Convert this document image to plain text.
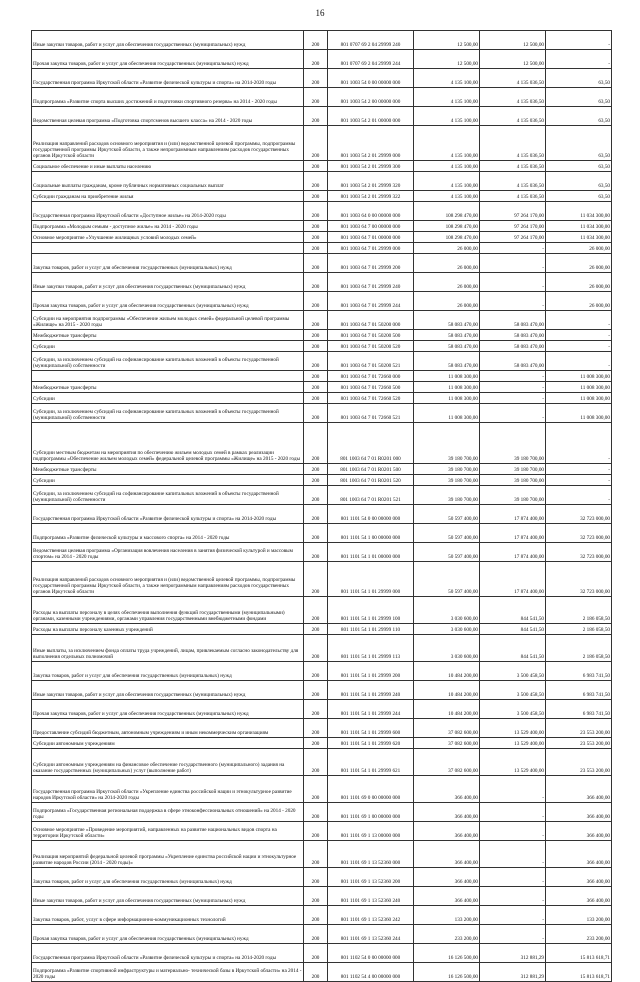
16
Иные закупки товаров, работ и услуг для обеспечения государственных (муниципальных) нужд	200	801 0707 69 2 04 29999 240	12 500,00	12 500,00	-
Прочая закупка товаров, работ и услуг для обеспечения государственных (муниципальных) нужд	200	801 0707 69 2 04 29999 244	12 500,00	12 500,00	-
Государственная программа Иркутской области «Развитие физической культуры и спорта» на 2014-2020 годы	200	801 1003 54 0 00 00000 000	4 135 100,00	4 135 036,50	63,50
Подпрограмма «Развитие спорта высших достижений и подготовки спортивного резерва» на 2014 - 2020 годы	200	801 1003 54 2 00 00000 000	4 135 100,00	4 135 036,50	63,50
Ведомственная целевая программа «Подготовка спортсменов высшего класса» на 2014 - 2020 годы	200	801 1003 54 2 01 00000 000	4 135 100,00	4 135 036,50	63,50
Реализация направлений расходов основного мероприятия и (или) ведомственной целевой программы, подпрограммы государственной программы Иркутской области, а также непрограммным направлениям расходов государственных органов Иркутской области	200	801 1003 54 2 01 29999 000	4 135 100,00	4 135 036,50	63,50
Социальное обеспечение и иные выплаты населению	200	801 1003 54 2 01 29999 300	4 135 100,00	4 135 036,50	63,50
Социальные выплаты гражданам, кроме публичных нормативных социальных выплат	200	801 1003 54 2 01 29999 320	4 135 100,00	4 135 036,50	63,50
Субсидии гражданам на приобретение жилья	200	801 1003 54 2 01 29999 322	4 135 100,00	4 135 036,50	63,50
Государственная программа Иркутской области «Доступное жилье» на 2014-2020 годы	200	801 1003 64 0 00 00000 000	108 298 470,00	97 264 170,00	11 034 300,00
Подпрограмма «Молодым семьям - доступное жилье» на 2014 - 2020 годы	200	801 1003 64 7 00 00000 000	108 298 470,00	97 264 170,00	11 034 300,00
Основное мероприятие «Улучшение жилищных условий молодых семей»	200	801 1003 64 7 01 00000 000	108 298 470,00	97 264 170,00	11 034 300,00
	200	801 1003 64 7 01 29999 000	26 000,00	-	26 000,00
Закупка товаров, работ и услуг для обеспечения государственных (муниципальных) нужд	200	801 1003 64 7 01 29999 200	26 000,00	-	26 000,00
Иные закупки товаров, работ и услуг для обеспечения государственных (муниципальных) нужд	200	801 1003 64 7 01 29999 240	26 000,00	-	26 000,00
Прочая закупка товаров, работ и услуг для обеспечения государственных (муниципальных) нужд	200	801 1003 64 7 01 29999 244	26 000,00	-	26 000,00
Субсидии на мероприятия подпрограммы «Обеспечение жильем молодых семей» федеральной целевой программы «Жилище» на 2015 - 2020 годы	200	801 1003 64 7 01 50200 000	58 083 470,00	58 083 470,00	-
Межбюджетные трансферты	200	801 1003 64 7 01 50200 500	58 083 470,00	58 083 470,00	-
Субсидии	200	801 1003 64 7 01 50200 520	58 083 470,00	58 083 470,00	-
Субсидии, за исключением субсидий на софинансирование капитальных вложений в объекты государственной (муниципальной) собственности	200	801 1003 64 7 01 50200 521	58 083 470,00	58 083 470,00	-
	200	801 1003 64 7 01 72660 000	11 008 300,00	-	11 008 300,00
Межбюджетные трансферты	200	801 1003 64 7 01 72660 500	11 008 300,00	-	11 008 300,00
Субсидии	200	801 1003 64 7 01 72660 520	11 008 300,00	-	11 008 300,00
Субсидии, за исключением субсидий на софинансирование капитальных вложений в объекты государственной (муниципальной) собственности	200	801 1003 64 7 01 72660 521	11 008 300,00	-	11 008 300,00
Субсидии местным бюджетам на мероприятия по обеспечению жильем молодых семей в рамках реализации подпрограммы «Обеспечение жильем молодых семей» федеральной целевой программы «Жилище» на 2015 - 2020 годы	200	801 1003 64 7 01 R0201 000	39 180 700,00	39 180 700,00	-
Межбюджетные трансферты	200	801 1003 64 7 01 R0201 500	39 180 700,00	39 180 700,00	-
Субсидии	200	801 1003 64 7 01 R0201 520	39 180 700,00	39 180 700,00	-
Субсидии, за исключением субсидий на софинансирование капитальных вложений в объекты государственной (муниципальной) собственности	200	801 1003 64 7 01 R0201 521	39 180 700,00	39 180 700,00	-
Государственная программа Иркутской области «Развитие физической культуры и спорта» на 2014-2020 годы	200	801 1101 54 0 00 00000 000	50 597 400,00	17 874 400,00	32 723 000,00
Подпрограмма «Развитие физической культуры и массового спорта» на 2014 - 2020 годы	200	801 1101 54 1 00 00000 000	50 597 400,00	17 874 400,00	32 723 000,00
Ведомственная целевая программа «Организация вовлечения населения в занятия физической культурой и массовым спортом» на 2014 - 2020 годы	200	801 1101 54 1 01 00000 000	50 597 400,00	17 874 400,00	32 723 000,00
Реализация направлений расходов основного мероприятия и (или) ведомственной целевой программы, подпрограммы государственной программы Иркутской области, а также непрограммным направлениям расходов государственных органов Иркутской области	200	801 1101 54 1 01 29999 000	50 597 400,00	17 874 400,00	32 723 000,00
Расходы на выплаты персоналу в целях обеспечения выполнения функций государственными (муниципальными) органами, казенными учреждениями, органами управления государственными внебюджетными фондами	200	801 1101 54 1 01 29999 100	3 030 600,00	844 541,50	2 186 058,50
Расходы на выплаты персоналу казенных учреждений	200	801 1101 54 1 01 29999 110	3 030 600,00	844 541,50	2 186 058,50
Иные выплаты, за исключением фонда оплаты труда учреждений, лицам, привлекаемым согласно законодательству для выполнения отдельных полномочий	200	801 1101 54 1 01 29999 113	3 030 600,00	844 541,50	2 186 058,50
Закупка товаров, работ и услуг для обеспечения государственных (муниципальных) нужд	200	801 1101 54 1 01 29999 200	10 484 200,00	3 500 458,50	6 983 741,50
Иные закупки товаров, работ и услуг для обеспечения государственных (муниципальных) нужд	200	801 1101 54 1 01 29999 240	10 484 200,00	3 500 458,50	6 983 741,50
Прочая закупка товаров, работ и услуг для обеспечения государственных (муниципальных) нужд	200	801 1101 54 1 01 29999 244	10 484 200,00	3 500 458,50	6 983 741,50
Предоставление субсидий бюджетным, автономным учреждениям и иным некоммерческим организациям	200	801 1101 54 1 01 29999 600	37 082 600,00	13 529 400,00	23 553 200,00
Субсидии автономным учреждениям	200	801 1101 54 1 01 29999 620	37 082 600,00	13 529 400,00	23 553 200,00
Субсидии автономным учреждениям на финансовое обеспечение государственного (муниципального) задания на оказание государственных (муниципальных) услуг (выполнение работ)	200	801 1101 54 1 01 29999 621	37 082 600,00	13 529 400,00	23 553 200,00
Государственная программа Иркутской области «Укрепление единства российской нации и этнокультурное развитие народов Иркутской области» на 2014-2020 годы	200	801 1101 69 0 00 00000 000	366 400,00	-	366 400,00
Подпрограмма «Государственная региональная поддержка в сфере этноконфессиональных отношений» на 2014 - 2020 годы	200	801 1101 69 1 00 00000 000	366 400,00	-	366 400,00
Основное мероприятие «Проведение мероприятий, направленных на развитие национальных видов спорта на территории Иркутской области»	200	801 1101 69 1 13 00000 000	366 400,00	-	366 400,00
Реализация мероприятий федеральной целевой программы «Укрепление единства российской нации и этнокультурное развитие народов России (2014 - 2020 годы)»	200	801 1101 69 1 13 52360 000	366 400,00	-	366 400,00
Закупка товаров, работ и услуг для обеспечения государственных (муниципальных) нужд	200	801 1101 69 1 13 52360 200	366 400,00	-	366 400,00
Иные закупки товаров, работ и услуг для обеспечения государственных (муниципальных) нужд	200	801 1101 69 1 13 52360 240	366 400,00	-	366 400,00
Закупка товаров, работ, услуг в сфере информационно-коммуникационных технологий	200	801 1101 69 1 13 52360 242	133 200,00	-	133 200,00
Прочая закупка товаров, работ и услуг для обеспечения государственных (муниципальных) нужд	200	801 1101 69 1 13 52360 244	233 200,00	-	233 200,00
Государственная программа Иркутской области «Развитие физической культуры и спорта» на 2014-2020 годы	200	801 1102 54 0 00 00000 000	16 126 500,00	312 881,29	15 813 618,71
Подпрограмма «Развитие спортивной инфраструктуры и материально- технической базы в Иркутской области» на 2014 - 2020 годы	200	801 1102 54 4 00 00000 000	16 126 500,00	312 881,29	15 813 618,71
